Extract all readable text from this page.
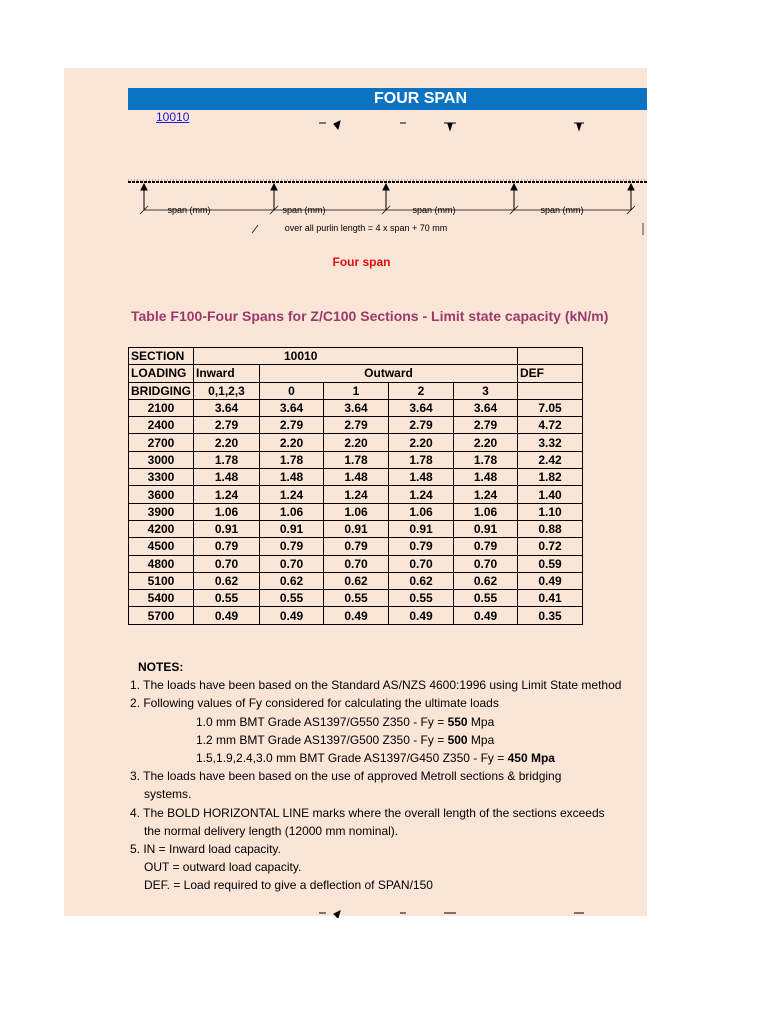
FOUR SPAN
10010
span (mm)	span (mm)	span (mm)	span (mm)
over all purlin length = 4 x span + 70 mm
Four span
Table F100-Four Spans for Z/C100 Sections - Limit state capacity (kN/m)
SECTION	10010					
LOADING	Inward	Outward				DEF
BRIDGING	0,1,2,3	0	1	2	3	
2100	3.64	3.64	3.64	3.64	3.64	7.05
2400	2.79	2.79	2.79	2.79	2.79	4.72
2700	2.20	2.20	2.20	2.20	2.20	3.32
3000	1.78	1.78	1.78	1.78	1.78	2.42
3300	1.48	1.48	1.48	1.48	1.48	1.82
3600	1.24	1.24	1.24	1.24	1.24	1.40
3900	1.06	1.06	1.06	1.06	1.06	1.10
4200	0.91	0.91	0.91	0.91	0.91	0.88
4500	0.79	0.79	0.79	0.79	0.79	0.72
4800	0.70	0.70	0.70	0.70	0.70	0.59
5100	0.62	0.62	0.62	0.62	0.62	0.49
5400	0.55	0.55	0.55	0.55	0.55	0.41
5700	0.49	0.49	0.49	0.49	0.49	0.35
NOTES:
1. The loads have been based on the Standard AS/NZS 4600:1996 using Limit State method
2. Following values of Fy considered for calculating the ultimate loads
1.0 mm BMT Grade AS1397/G550 Z350 - Fy = 550 Mpa
1.2 mm BMT Grade AS1397/G500 Z350 - Fy = 500 Mpa
1.5,1.9,2.4,3.0 mm BMT Grade AS1397/G450 Z350 - Fy = 450 Mpa
3. The loads have been based on the use of approved Metroll sections & bridging
systems.
4. The BOLD HORIZONTAL LINE marks where the overall length of the sections exceeds
the normal delivery length (12000 mm nominal).
5. IN = Inward load capacity.
OUT = outward load capacity.
DEF. = Load required to give a deflection of SPAN/150
